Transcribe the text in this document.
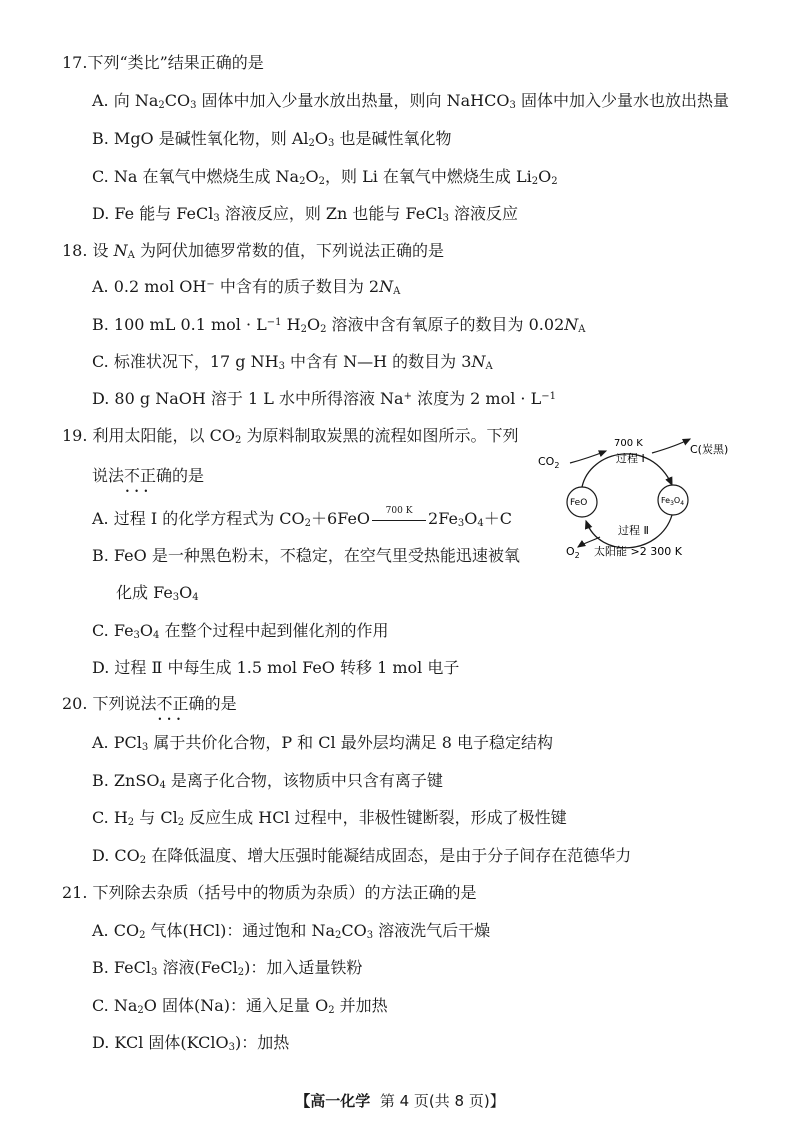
17.下列“类比”结果正确的是
A. 向 $Na_2CO_3$ 固体中加入少量水放出热量，则向 NaHCO$_3$ 固体中加入少量水也放出热量
B. MgO 是碱性氧化物，则 $Al_2O_3$ 也是碱性氧化物
C. Na 在氧气中燃烧生成 $Na_2O_2$，则 Li 在氧气中燃烧生成 $Li_2O_2$
D. Fe 能与 FeCl$_3$ 溶液反应，则 Zn 也能与 FeCl$_3$ 溶液反应
18. 设 $N_A$ 为阿伏加德罗常数的值，下列说法正确的是
A. 0.2 mol OH− 中含有的质子数目为 $2N_A$
B. 100 mL 0.1 mol · $L^{-1}$ $H_2O_2$ 溶液中含有氧原子的数目为 $0.02N_A$
C. 标准状况下，17 g $NH_3$ 中含有 N—H 的数目为 $3N_A$
D. 80 g NaOH 溶于 1 L 水中所得溶液 Na+ 浓度为 2 mol · $L^{-1}$
19. 利用太阳能，以 $CO_2$ 为原料制取炭黑的流程如图所示。下列
说法不正确 • • •的是
A. 过程 Ⅰ 的化学方程式为 $CO_2+6FeO$	700 K $2Fe_3O_4+C$
B. FeO 是一种黑色粉末，不稳定，在空气里受热能迅速被氧
化成 $Fe_3O_4$
C. $Fe_3O_4$ 在整个过程中起到催化剂的作用
D. 过程 Ⅱ 中每生成 1.5 mol FeO 转移 1 mol 电子
700 K
过程 Ⅰ
$CO_2$
C(炭黑)
FeO	$Fe_3O_4$
过程 Ⅱ
$O_2$ 太阳能 >2 300 K
20. 下列说法不正确 • • •的是
A. PCl$_3$ 属于共价化合物，P 和 Cl 最外层均满足 8 电子稳定结构
B. ZnSO$_4$ 是离子化合物，该物质中只含有离子键
C. $H_2$ 与 $Cl_2$ 反应生成 HCl 过程中，非极性键断裂，形成了极性键
D. $CO_2$ 在降低温度、增大压强时能凝结成固态，是由于分子间存在范德华力
21. 下列除去杂质（括号中的物质为杂质）的方法正确的是
A. $CO_2$ 气体(HCl)：通过饱和 $Na_2CO_3$ 溶液洗气后干燥
B. FeCl$_3$ 溶液(FeCl$_2$)：加入适量铁粉
C. $Na_2O$ 固体(Na)：通入足量 $O_2$ 并加热
D. KCl 固体(KClO$_3$)：加热
【高一化学 第 4 页(共 8 页)】
